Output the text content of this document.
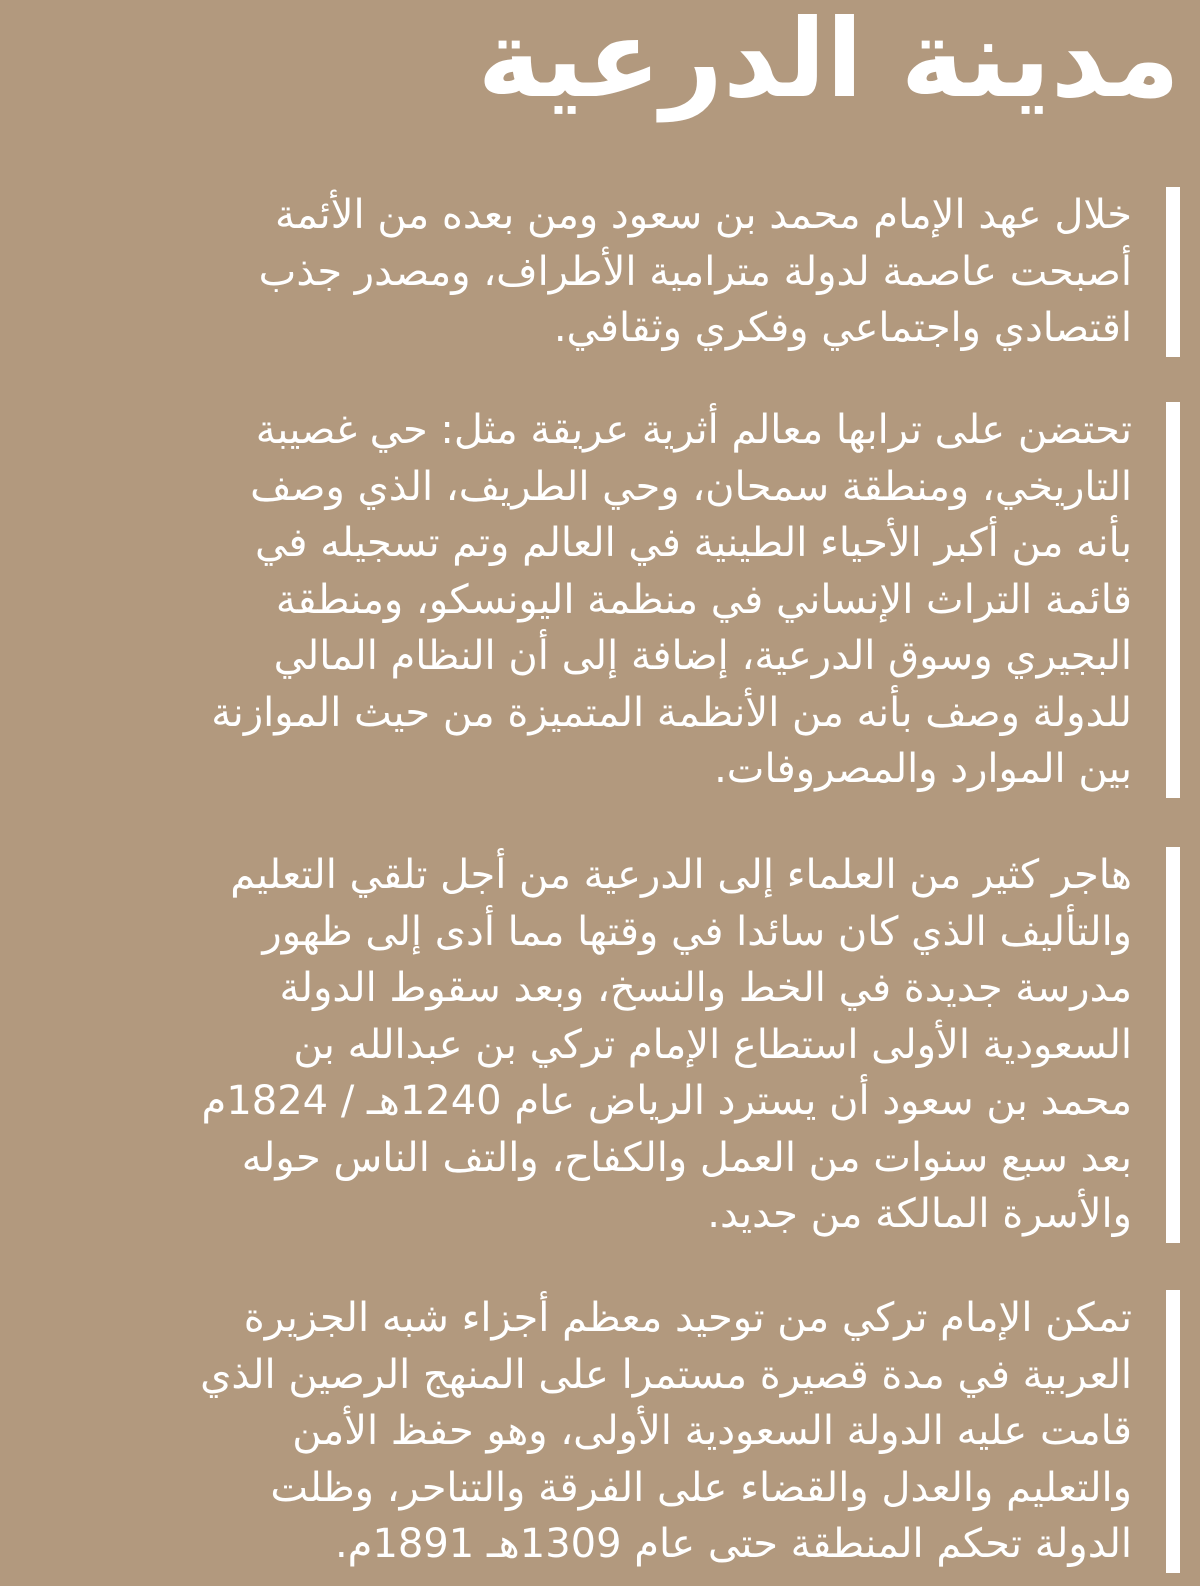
مدينة الدرعية
خلال عهد الإمام محمد بن سعود ومن بعده من الأئمة
أصبحت عاصمة لدولة مترامية الأطراف، ومصدر جذب
اقتصادي واجتماعي وفكري وثقافي.
تحتضن على ترابها معالم أثرية عريقة مثل: حي غصيبة
التاريخي، ومنطقة سمحان، وحي الطريف، الذي وصف
بأنه من أكبر الأحياء الطينية في العالم وتم تسجيله في
قائمة التراث الإنساني في منظمة اليونسكو، ومنطقة
البجيري وسوق الدرعية، إضافة إلى أن النظام المالي
للدولة وصف بأنه من الأنظمة المتميزة من حيث الموازنة
بين الموارد والمصروفات.
هاجر كثير من العلماء إلى الدرعية من أجل تلقي التعليم
والتأليف الذي كان سائدا في وقتها مما أدى إلى ظهور
مدرسة جديدة في الخط والنسخ، وبعد سقوط الدولة
السعودية الأولى استطاع الإمام تركي بن عبدالله بن
محمد بن سعود أن يسترد الرياض عام 1240هـ / 1824م
بعد سبع سنوات من العمل والكفاح، والتف الناس حوله
والأسرة المالكة من جديد.
تمكن الإمام تركي من توحيد معظم أجزاء شبه الجزيرة
العربية في مدة قصيرة مستمرا على المنهج الرصين الذي
قامت عليه الدولة السعودية الأولى، وهو حفظ الأمن
والتعليم والعدل والقضاء على الفرقة والتناحر، وظلت
الدولة تحكم المنطقة حتى عام 1309هـ 1891م.
